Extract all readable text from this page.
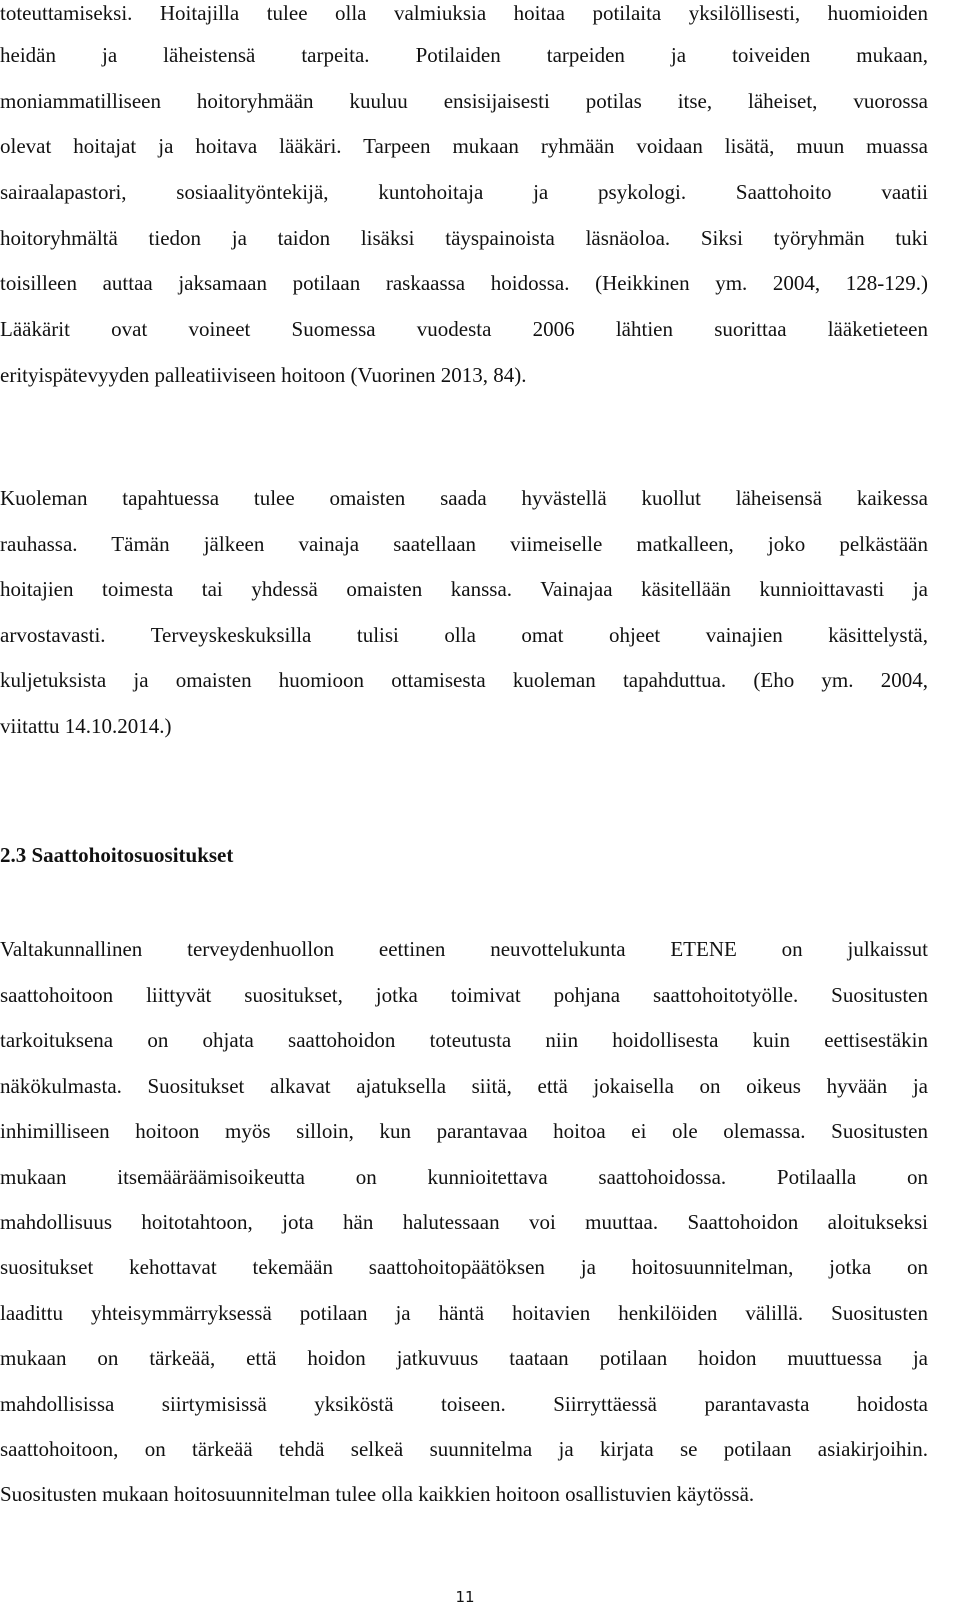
toteuttamiseksi. Hoitajilla tulee olla valmiuksia hoitaa potilaita yksilöllisesti, huomioiden
heidän ja läheistensä tarpeita. Potilaiden tarpeiden ja toiveiden mukaan,
moniammatilliseen hoitoryhmään kuuluu ensisijaisesti potilas itse, läheiset, vuorossa
olevat hoitajat ja hoitava lääkäri. Tarpeen mukaan ryhmään voidaan lisätä, muun muassa
sairaalapastori, sosiaalityöntekijä, kuntohoitaja ja psykologi. Saattohoito vaatii
hoitoryhmältä tiedon ja taidon lisäksi täyspainoista läsnäoloa. Siksi työryhmän tuki
toisilleen auttaa jaksamaan potilaan raskaassa hoidossa. (Heikkinen ym. 2004, 128-129.)
Lääkärit ovat voineet Suomessa vuodesta 2006 lähtien suorittaa lääketieteen
erityispätevyyden palleatiiviseen hoitoon (Vuorinen 2013, 84).
Kuoleman tapahtuessa tulee omaisten saada hyvästellä kuollut läheisensä kaikessa
rauhassa. Tämän jälkeen vainaja saatellaan viimeiselle matkalleen, joko pelkästään
hoitajien toimesta tai yhdessä omaisten kanssa. Vainajaa käsitellään kunnioittavasti ja
arvostavasti. Terveyskeskuksilla tulisi olla omat ohjeet vainajien käsittelystä,
kuljetuksista ja omaisten huomioon ottamisesta kuoleman tapahduttua. (Eho ym. 2004,
viitattu 14.10.2014.)
2.3 Saattohoitosuositukset
Valtakunnallinen terveydenhuollon eettinen neuvottelukunta ETENE on julkaissut
saattohoitoon liittyvät suositukset, jotka toimivat pohjana saattohoitotyölle. Suositusten
tarkoituksena on ohjata saattohoidon toteutusta niin hoidollisesta kuin eettisestäkin
näkökulmasta. Suositukset alkavat ajatuksella siitä, että jokaisella on oikeus hyvään ja
inhimilliseen hoitoon myös silloin, kun parantavaa hoitoa ei ole olemassa. Suositusten
mukaan itsemääräämisoikeutta on kunnioitettava saattohoidossa. Potilaalla on
mahdollisuus hoitotahtoon, jota hän halutessaan voi muuttaa. Saattohoidon aloitukseksi
suositukset kehottavat tekemään saattohoitopäätöksen ja hoitosuunnitelman, jotka on
laadittu yhteisymmärryksessä potilaan ja häntä hoitavien henkilöiden välillä. Suositusten
mukaan on tärkeää, että hoidon jatkuvuus taataan potilaan hoidon muuttuessa ja
mahdollisissa siirtymisissä yksiköstä toiseen. Siirryttäessä parantavasta hoidosta
saattohoitoon, on tärkeää tehdä selkeä suunnitelma ja kirjata se potilaan asiakirjoihin.
Suositusten mukaan hoitosuunnitelman tulee olla kaikkien hoitoon osallistuvien käytössä.
11
